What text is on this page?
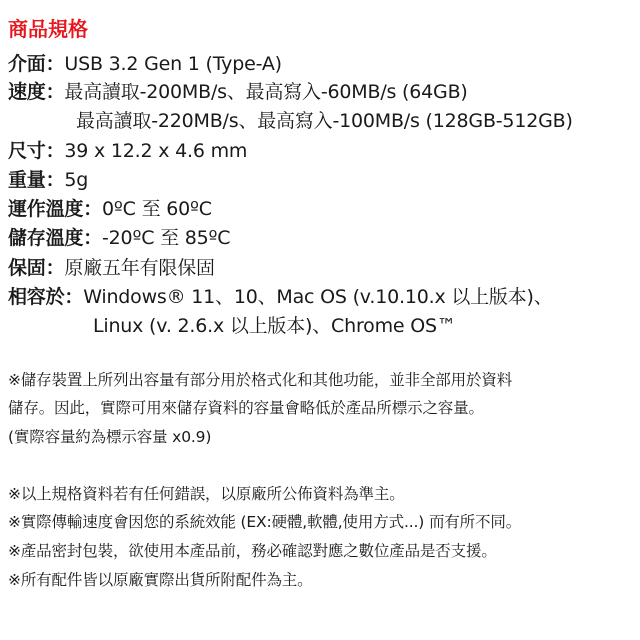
商品規格
介面：USB 3.2 Gen 1 (Type-A)
速度：最高讀取-200MB/s、最高寫入-60MB/s (64GB)
最高讀取-220MB/s、最高寫入-100MB/s (128GB-512GB)
尺寸：39 x 12.2 x 4.6 mm
重量：5g
運作溫度：0ºC 至 60ºC
儲存溫度：-20ºC 至 85ºC
保固：原廠五年有限保固
相容於：Windows® 11、10、Mac OS (v.10.10.x 以上版本)、
Linux (v. 2.6.x 以上版本)、Chrome OS™
※儲存裝置上所列出容量有部分用於格式化和其他功能，並非全部用於資料
儲存。因此，實際可用來儲存資料的容量會略低於產品所標示之容量。
(實際容量約為標示容量 x0.9)
※以上規格資料若有任何錯誤，以原廠所公佈資料為準主。
※實際傳輸速度會因您的系統效能 (EX:硬體,軟體,使用方式...) 而有所不同。
※產品密封包裝，欲使用本產品前，務必確認對應之數位產品是否支援。
※所有配件皆以原廠實際出貨所附配件為主。
